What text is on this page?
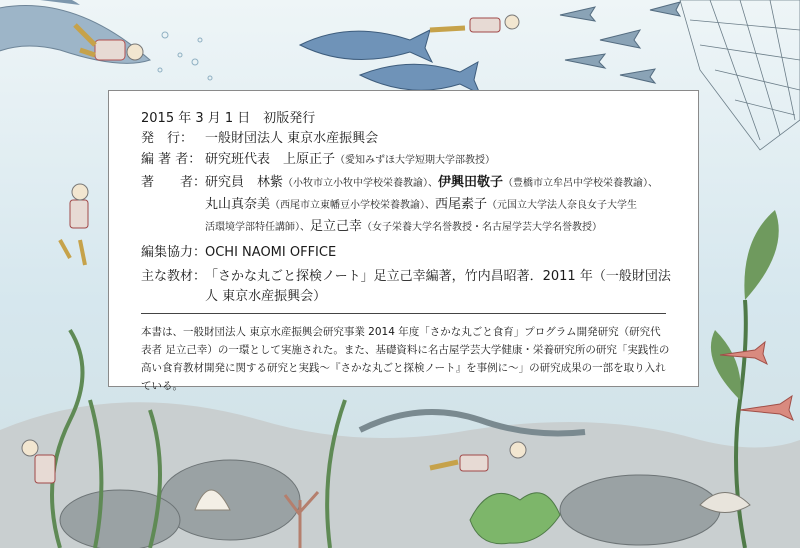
2015 年 3 月 1 日　初版発行
発　行： 一般財団法人 東京水産振興会
編 著 者： 研究班代表　 上原正子（愛知みずほ大学短期大学部教授）
著　　者：研究員　 林紫（小牧市立小牧中学校栄養教諭）、伊興田敬子（豊橋市立牟呂中学校栄養教諭）、
丸山真奈美（西尾市立東幡豆小学校栄養教諭）、西尾素子（元国立大学法人奈良女子大学生
活環境学部特任講師）、足立己幸（女子栄養大学名誉教授・名古屋学芸大学名誉教授）
編集協力：OCHI NAOMI OFFICE
主な教材：「さかな丸ごと探検ノート」足立己幸編著，竹内昌昭著．2011 年（一般財団法
人 東京水産振興会）
本書は、一般財団法人 東京水産振興会研究事業 2014 年度「さかな丸ごと食育」プログラム開発研究（研究代表者 足立己幸）の一環として実施された。また、基礎資料に名古屋学芸大学健康・栄養研究所の研究「実践性の高い食育教材開発に関する研究と実践～『さかな丸ごと探検ノート』を事例に～」の研究成果の一部を取り入れている。
